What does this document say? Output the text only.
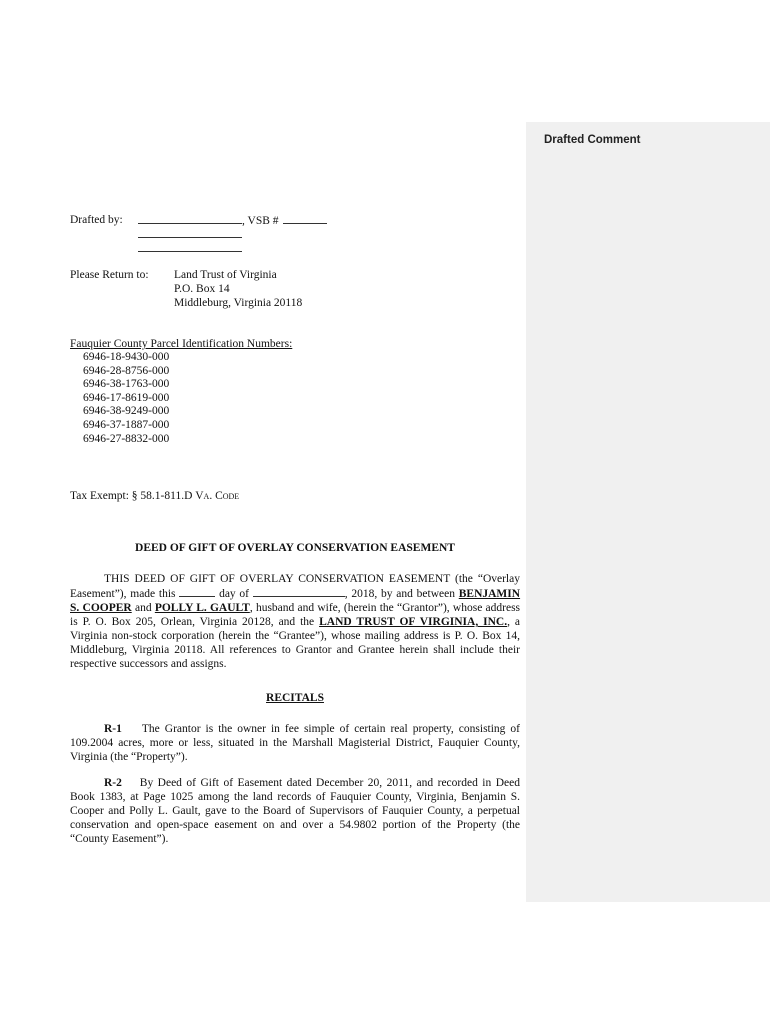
Drafted Comment
Drafted by:	, VSB #
Please Return to: Land Trust of Virginia
P.O. Box 14
Middleburg, Virginia 20118
Fauquier County Parcel Identification Numbers:
6946-18-9430-000
6946-28-8756-000
6946-38-1763-000
6946-17-8619-000
6946-38-9249-000
6946-37-1887-000
6946-27-8832-000
Tax Exempt: § 58.1-811.D Va. Code
DEED OF GIFT OF OVERLAY CONSERVATION EASEMENT
THIS DEED OF GIFT OF OVERLAY CONSERVATION EASEMENT (the “Overlay Easement”), made this	day of	, 2018, by and between BENJAMIN S. COOPER and POLLY L. GAULT, husband and wife, (herein the “Grantor”), whose address is P. O. Box 205, Orlean, Virginia 20128, and the LAND TRUST OF VIRGINIA, INC., a Virginia non-stock corporation (herein the “Grantee”), whose mailing address is P. O. Box 14, Middleburg, Virginia 20118. All references to Grantor and Grantee herein shall include their respective successors and assigns.
RECITALS
R-1 The Grantor is the owner in fee simple of certain real property, consisting of 109.2004 acres, more or less, situated in the Marshall Magisterial District, Fauquier County, Virginia (the “Property”).
R-2 By Deed of Gift of Easement dated December 20, 2011, and recorded in Deed Book 1383, at Page 1025 among the land records of Fauquier County, Virginia, Benjamin S. Cooper and Polly L. Gault, gave to the Board of Supervisors of Fauquier County, a perpetual conservation and open-space easement on and over a 54.9802 portion of the Property (the “County Easement”).
